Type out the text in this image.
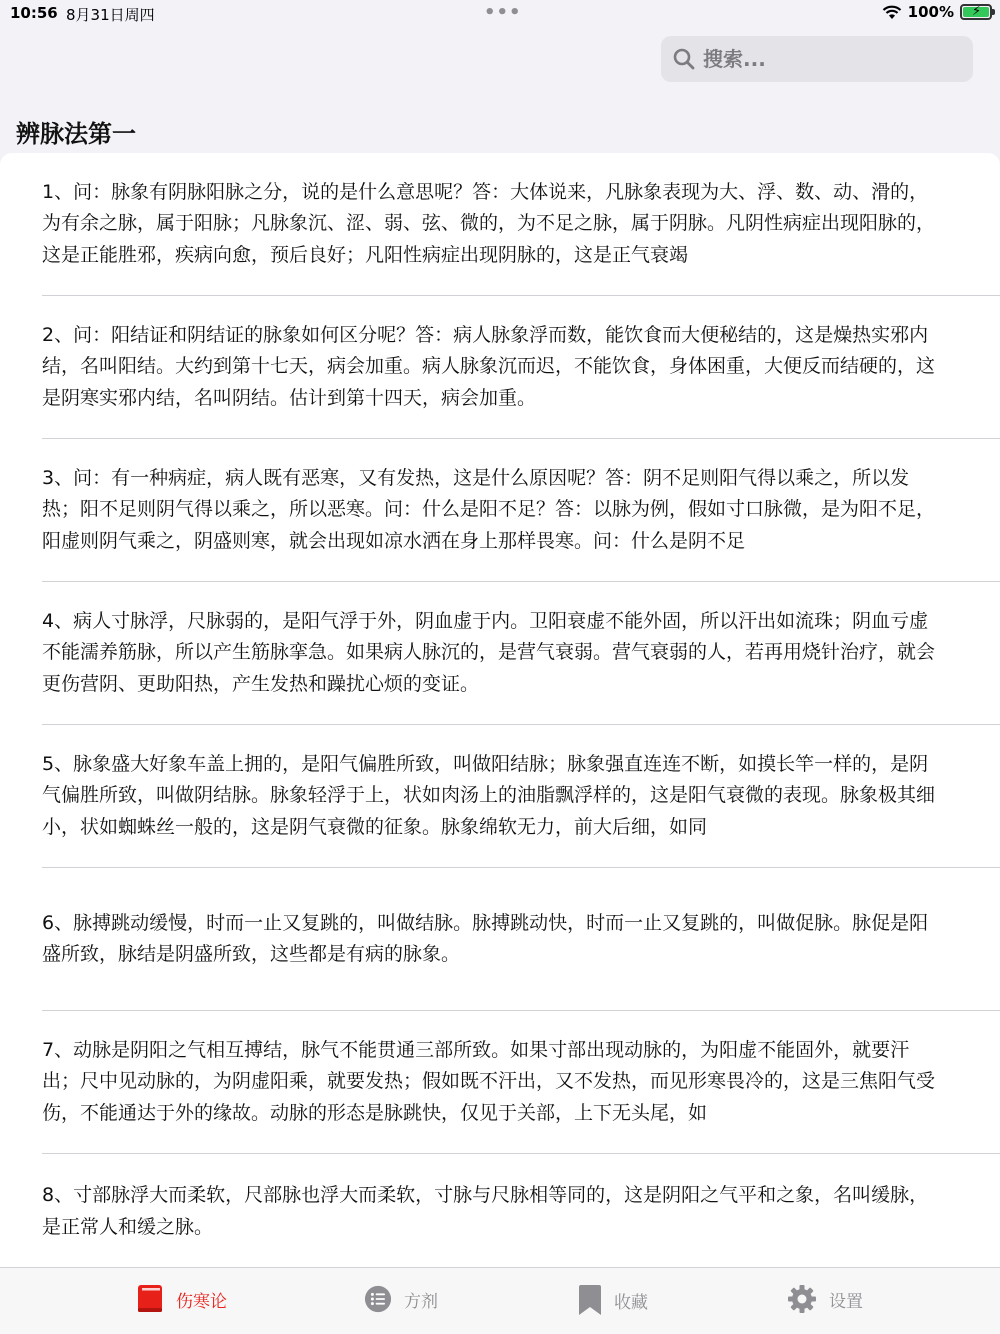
10:56 8月31日周四	•••	100% ⚡
搜索...
辨脉法第一
1、问：脉象有阴脉阳脉之分，说的是什么意思呢？答：大体说来，凡脉象表现为大、浮、数、动、滑的，为有余之脉，属于阳脉；凡脉象沉、涩、弱、弦、微的，为不足之脉，属于阴脉。凡阴性病症出现阳脉的，这是正能胜邪，疾病向愈，预后良好；凡阳性病症出现阴脉的，这是正气衰竭
2、问：阳结证和阴结证的脉象如何区分呢？答：病人脉象浮而数，能饮食而大便秘结的，这是燥热实邪内结，名叫阳结。大约到第十七天，病会加重。病人脉象沉而迟，不能饮食，身体困重，大便反而结硬的，这是阴寒实邪内结，名叫阴结。估计到第十四天，病会加重。
3、问：有一种病症，病人既有恶寒，又有发热，这是什么原因呢？答：阴不足则阳气得以乘之，所以发热；阳不足则阴气得以乘之，所以恶寒。问：什么是阳不足？答：以脉为例，假如寸口脉微，是为阳不足，阳虚则阴气乘之，阴盛则寒，就会出现如凉水洒在身上那样畏寒。问：什么是阴不足
4、病人寸脉浮，尺脉弱的，是阳气浮于外，阴血虚于内。卫阳衰虚不能外固，所以汗出如流珠；阴血亏虚不能濡养筋脉，所以产生筋脉挛急。如果病人脉沉的，是营气衰弱。营气衰弱的人，若再用烧针治疗，就会更伤营阴、更助阳热，产生发热和躁扰心烦的变证。
5、脉象盛大好象车盖上拥的，是阳气偏胜所致，叫做阳结脉；脉象强直连连不断，如摸长竿一样的，是阴气偏胜所致，叫做阴结脉。脉象轻浮于上，状如肉汤上的油脂飘浮样的，这是阳气衰微的表现。脉象极其细小，状如蜘蛛丝一般的，这是阴气衰微的征象。脉象绵软无力，前大后细，如同
6、脉搏跳动缓慢，时而一止又复跳的，叫做结脉。脉搏跳动快，时而一止又复跳的，叫做促脉。脉促是阳盛所致，脉结是阴盛所致，这些都是有病的脉象。
7、动脉是阴阳之气相互搏结，脉气不能贯通三部所致。如果寸部出现动脉的，为阳虚不能固外，就要汗出；尺中见动脉的，为阴虚阳乘，就要发热；假如既不汗出，又不发热，而见形寒畏冷的，这是三焦阳气受伤，不能通达于外的缘故。动脉的形态是脉跳快，仅见于关部，上下无头尾，如
8、寸部脉浮大而柔软，尺部脉也浮大而柔软，寸脉与尺脉相等同的，这是阴阳之气平和之象，名叫缓脉，是正常人和缓之脉。
伤寒论	方剂	收藏	设置
